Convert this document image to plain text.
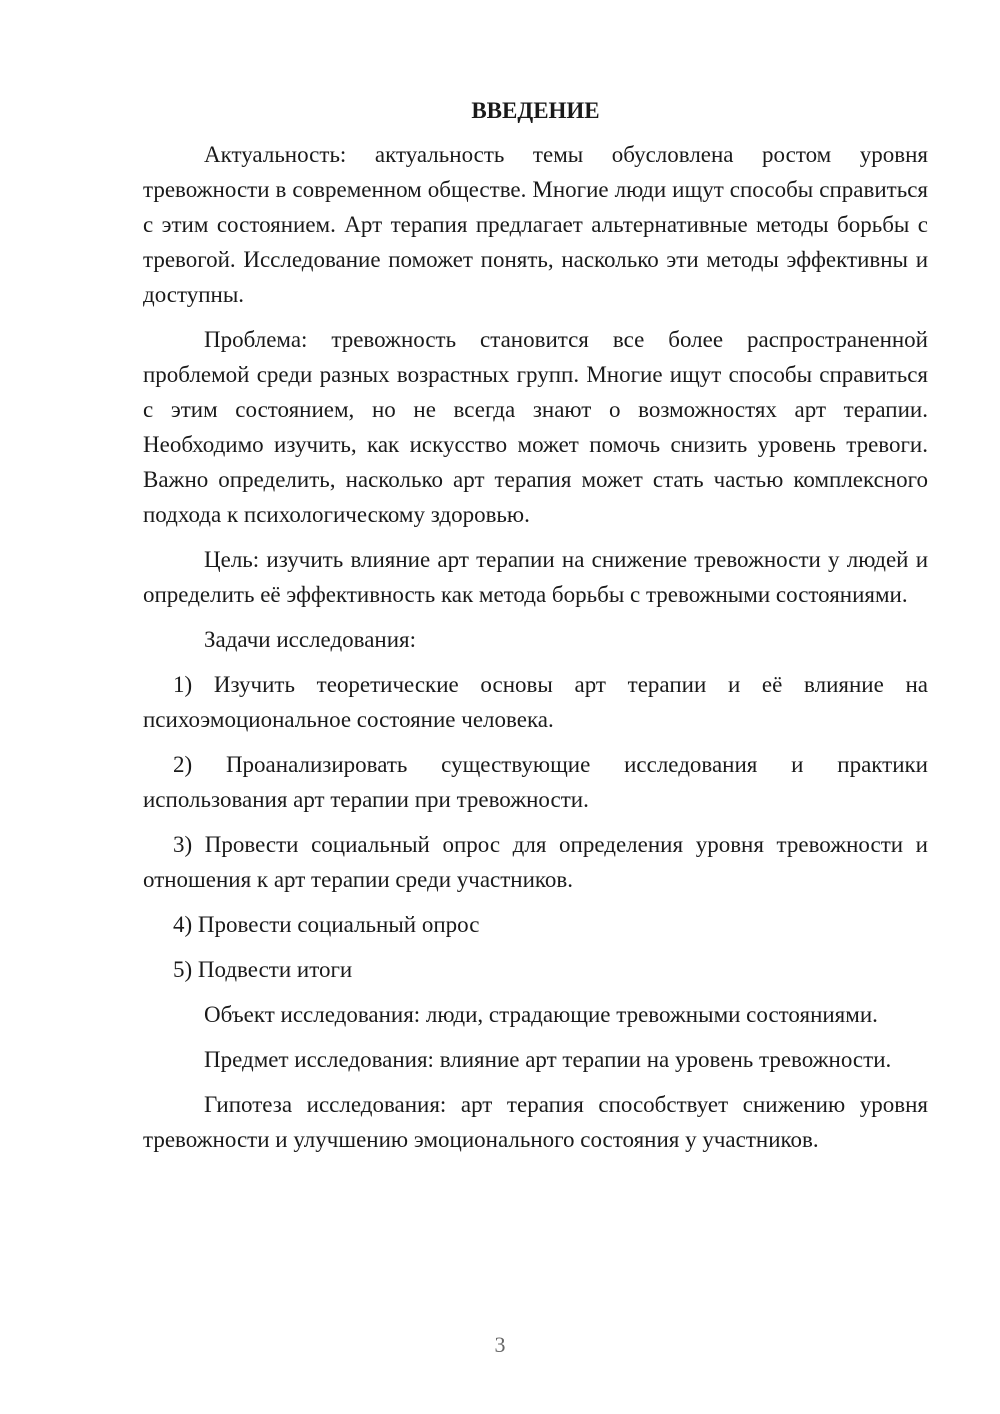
ВВЕДЕНИЕ

Актуальность: актуальность темы обусловлена ростом уровня тревожности в современном обществе. Многие люди ищут способы справиться с этим состоянием. Арт терапия предлагает альтернативные методы борьбы с тревогой. Исследование поможет понять, насколько эти методы эффективны и доступны.

Проблема: тревожность становится все более распространенной проблемой среди разных возрастных групп. Многие ищут способы справиться с этим состоянием, но не всегда знают о возможностях арт терапии. Необходимо изучить, как искусство может помочь снизить уровень тревоги. Важно определить, насколько арт терапия может стать частью комплексного подхода к психологическому здоровью.

Цель: изучить влияние арт терапии на снижение тревожности у людей и определить её эффективность как метода борьбы с тревожными состояниями.

Задачи исследования:

1) Изучить теоретические основы арт терапии и её влияние на психоэмоциональное состояние человека.

2) Проанализировать существующие исследования и практики использования арт терапии при тревожности.

3) Провести социальный опрос для определения уровня тревожности и отношения к арт терапии среди участников.

4) Провести социальный опрос

5) Подвести итоги

Объект исследования: люди, страдающие тревожными состояниями.

Предмет исследования: влияние арт терапии на уровень тревожности.

Гипотеза исследования: арт терапия способствует снижению уровня тревожности и улучшению эмоционального состояния у участников.

3
